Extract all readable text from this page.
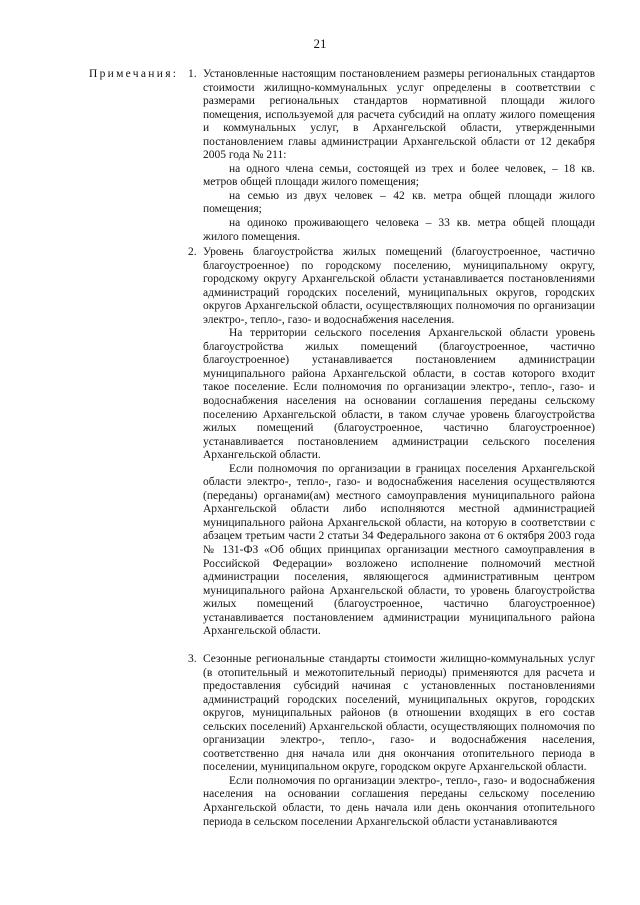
21
Примечания: 1. Установленные настоящим постановлением размеры региональных стандартов стоимости жилищно-коммунальных услуг определены в соответствии с размерами региональных стандартов нормативной площади жилого помещения, используемой для расчета субсидий на оплату жилого помещения и коммунальных услуг, в Архангельской области, утвержденными постановлением главы администрации Архангельской области от 12 декабря 2005 года № 211:

на одного члена семьи, состоящей из трех и более человек, – 18 кв. метров общей площади жилого помещения;

на семью из двух человек – 42 кв. метра общей площади жилого помещения;

на одиноко проживающего человека – 33 кв. метра общей площади жилого помещения.

2. Уровень благоустройства жилых помещений (благоустроенное, частично благоустроенное) по городскому поселению, муниципальному округу, городскому округу Архангельской области устанавливается постановлениями администраций городских поселений, муниципальных округов, городских округов Архангельской области, осуществляющих полномочия по организации электро-, тепло-, газо- и водоснабжения населения.

На территории сельского поселения Архангельской области уровень благоустройства жилых помещений (благоустроенное, частично благоустроенное) устанавливается постановлением администрации муниципального района Архангельской области, в состав которого входит такое поселение. Если полномочия по организации электро-, тепло-, газо- и водоснабжения населения на основании соглашения переданы сельскому поселению Архангельской области, в таком случае уровень благоустройства жилых помещений (благоустроенное, частично благоустроенное) устанавливается постановлением администрации сельского поселения Архангельской области.

Если полномочия по организации в границах поселения Архангельской области электро-, тепло-, газо- и водоснабжения населения осуществляются (переданы) органами(ам) местного самоуправления муниципального района Архангельской области либо исполняются местной администрацией муниципального района Архангельской области, на которую в соответствии с абзацем третьим части 2 статьи 34 Федерального закона от 6 октября 2003 года № 131-ФЗ «Об общих принципах организации местного самоуправления в Российской Федерации» возложено исполнение полномочий местной администрации поселения, являющегося административным центром муниципального района Архангельской области, то уровень благоустройства жилых помещений (благоустроенное, частично благоустроенное) устанавливается постановлением администрации муниципального района Архангельской области.

3. Сезонные региональные стандарты стоимости жилищно-коммунальных услуг (в отопительный и межотопительный периоды) применяются для расчета и предоставления субсидий начиная с установленных постановлениями администраций городских поселений, муниципальных округов, городских округов, муниципальных районов (в отношении входящих в его состав сельских поселений) Архангельской области, осуществляющих полномочия по организации электро-, тепло-, газо- и водоснабжения населения, соответственно дня начала или дня окончания отопительного периода в поселении, муниципальном округе, городском округе Архангельской области.

Если полномочия по организации электро-, тепло-, газо- и водоснабжения населения на основании соглашения переданы сельскому поселению Архангельской области, то день начала или день окончания отопительного периода в сельском поселении Архангельской области устанавливаются
